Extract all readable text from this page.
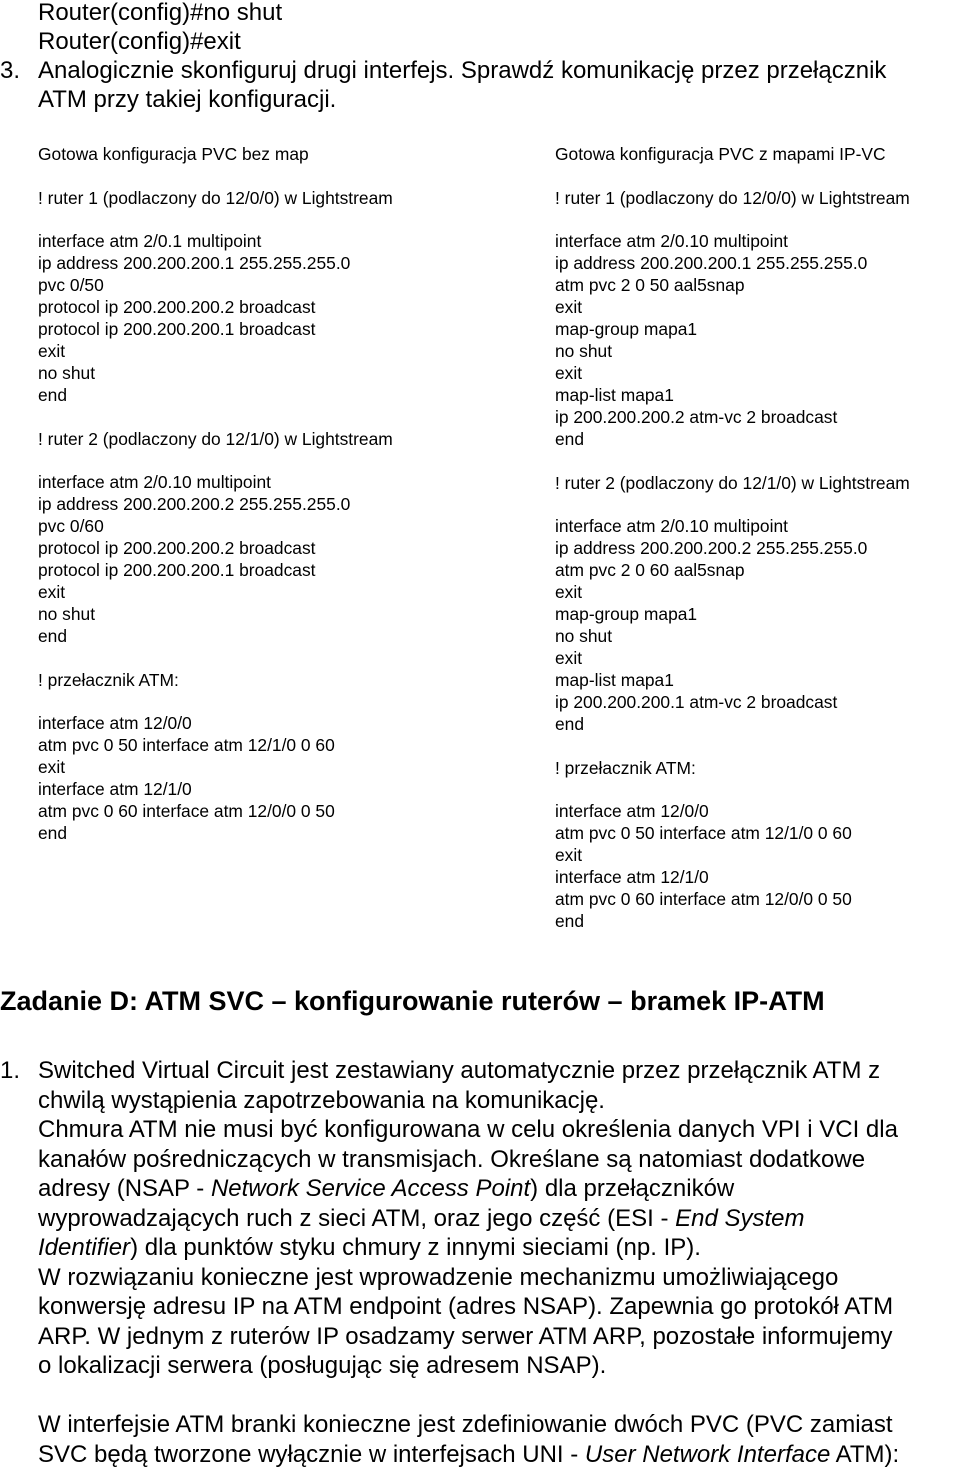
Router(config)#no shut
Router(config)#exit
3. Analogicznie skonfiguruj drugi interfejs. Sprawdź komunikację przez przełącznik
ATM przy takiej konfiguracji.
Gotowa konfiguracja PVC bez map
! ruter 1 (podlaczony do 12/0/0) w Lightstream
interface atm 2/0.1 multipoint
ip address 200.200.200.1 255.255.255.0
pvc 0/50
protocol ip 200.200.200.2 broadcast
protocol ip 200.200.200.1 broadcast
exit
no shut
end
! ruter 2 (podlaczony do 12/1/0) w Lightstream
interface atm 2/0.10 multipoint
ip address 200.200.200.2 255.255.255.0
pvc 0/60
protocol ip 200.200.200.2 broadcast
protocol ip 200.200.200.1 broadcast
exit
no shut
end
! przełacznik ATM:
interface atm 12/0/0
atm pvc 0 50 interface atm 12/1/0 0 60
exit
interface atm 12/1/0
atm pvc 0 60 interface atm 12/0/0 0 50
end
Gotowa konfiguracja PVC z mapami IP-VC
! ruter 1 (podlaczony do 12/0/0) w Lightstream
interface atm 2/0.10 multipoint
ip address 200.200.200.1 255.255.255.0
atm pvc 2 0 50 aal5snap
exit
map-group mapa1
no shut
exit
map-list mapa1
ip 200.200.200.2 atm-vc 2 broadcast
end
! ruter 2 (podlaczony do 12/1/0) w Lightstream
interface atm 2/0.10 multipoint
ip address 200.200.200.2 255.255.255.0
atm pvc 2 0 60 aal5snap
exit
map-group mapa1
no shut
exit
map-list mapa1
ip 200.200.200.1 atm-vc 2 broadcast
end
! przełacznik ATM:
interface atm 12/0/0
atm pvc 0 50 interface atm 12/1/0 0 60
exit
interface atm 12/1/0
atm pvc 0 60 interface atm 12/0/0 0 50
end
Zadanie D: ATM SVC – konfigurowanie ruterów – bramek IP-ATM
1. Switched Virtual Circuit jest zestawiany automatycznie przez przełącznik ATM z
chwilą wystąpienia zapotrzebowania na komunikację.
Chmura ATM nie musi być konfigurowana w celu określenia danych VPI i VCI dla
kanałów pośredniczących w transmisjach. Określane są natomiast dodatkowe
adresy (NSAP - Network Service Access Point) dla przełączników
wyprowadzających ruch z sieci ATM, oraz jego część (ESI - End System
Identifier) dla punktów styku chmury z innymi sieciami (np. IP).
W rozwiązaniu konieczne jest wprowadzenie mechanizmu umożliwiającego
konwersję adresu IP na ATM endpoint (adres NSAP). Zapewnia go protokół ATM
ARP. W jednym z ruterów IP osadzamy serwer ATM ARP, pozostałe informujemy
o lokalizacji serwera (posługując się adresem NSAP).
W interfejsie ATM branki konieczne jest zdefiniowanie dwóch PVC (PVC zamiast
SVC będą tworzone wyłącznie w interfejsach UNI - User Network Interface ATM):
